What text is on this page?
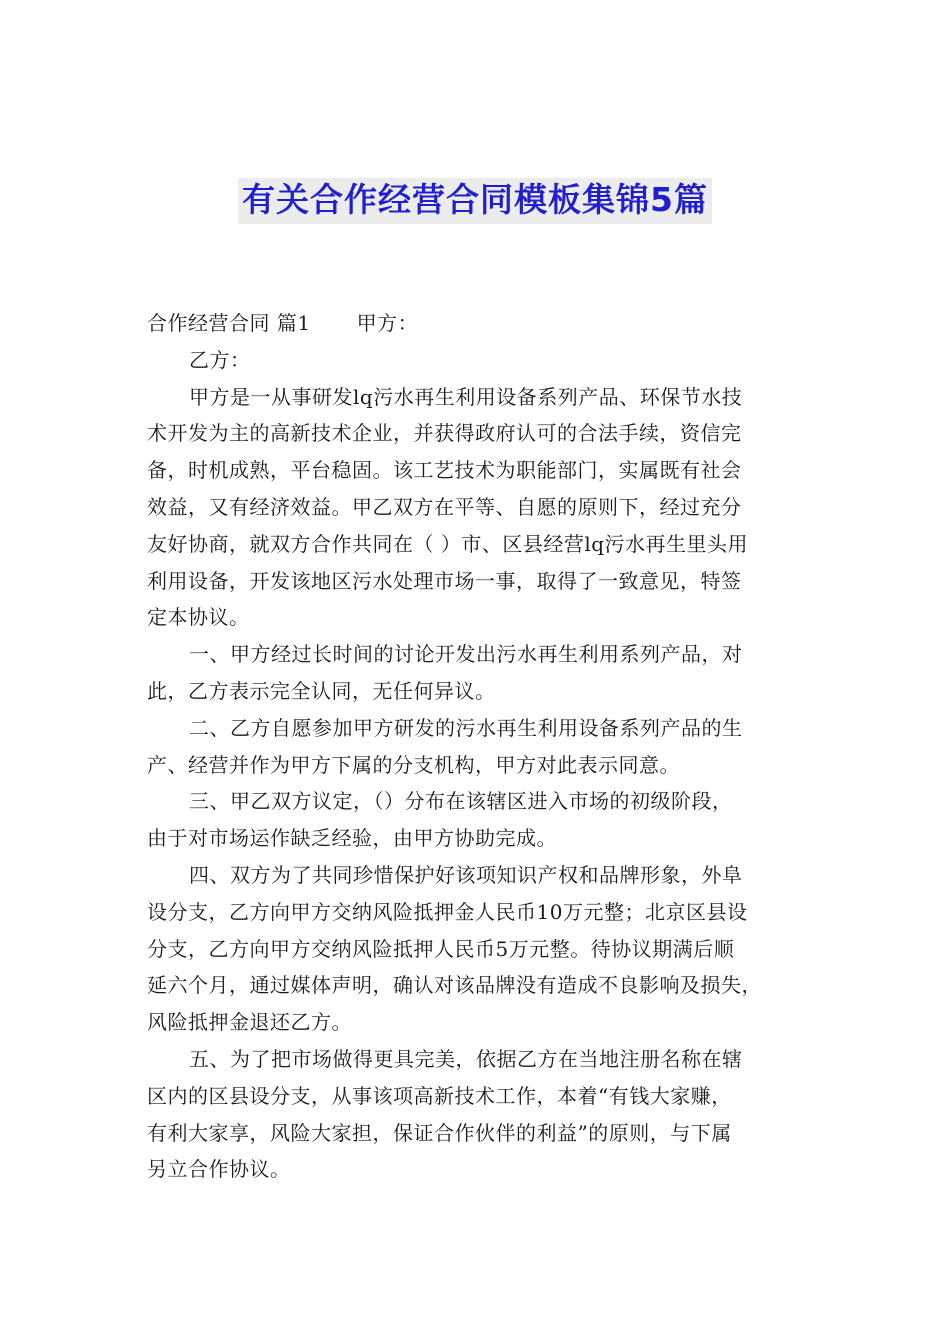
有关合作经营合同模板集锦5篇
合作经营合同 篇1 甲方：
乙方：

甲方是一从事研发lq污水再生利用设备系列产品、环保节水技
术开发为主的高新技术企业，并获得政府认可的合法手续，资信完
备，时机成熟，平台稳固。该工艺技术为职能部门，实属既有社会
效益，又有经济效益。甲乙双方在平等、自愿的原则下，经过充分
友好协商，就双方合作共同在（ ）市、区县经营lq污水再生里头用
利用设备，开发该地区污水处理市场一事，取得了一致意见，特签
定本协议。

一、甲方经过长时间的讨论开发出污水再生利用系列产品，对
此，乙方表示完全认同，无任何异议。

二、乙方自愿参加甲方研发的污水再生利用设备系列产品的生
产、经营并作为甲方下属的分支机构，甲方对此表示同意。

三、甲乙双方议定，（）分布在该辖区进入市场的初级阶段，
由于对市场运作缺乏经验，由甲方协助完成。

四、双方为了共同珍惜保护好该项知识产权和品牌形象，外阜
设分支，乙方向甲方交纳风险抵押金人民币10万元整；北京区县设
分支，乙方向甲方交纳风险抵押人民币5万元整。待协议期满后顺
延六个月，通过媒体声明，确认对该品牌没有造成不良影响及损失，
风险抵押金退还乙方。

五、为了把市场做得更具完美，依据乙方在当地注册名称在辖
区内的区县设分支，从事该项高新技术工作，本着“有钱大家赚，
有利大家享，风险大家担，保证合作伙伴的利益”的原则，与下属
另立合作协议。
